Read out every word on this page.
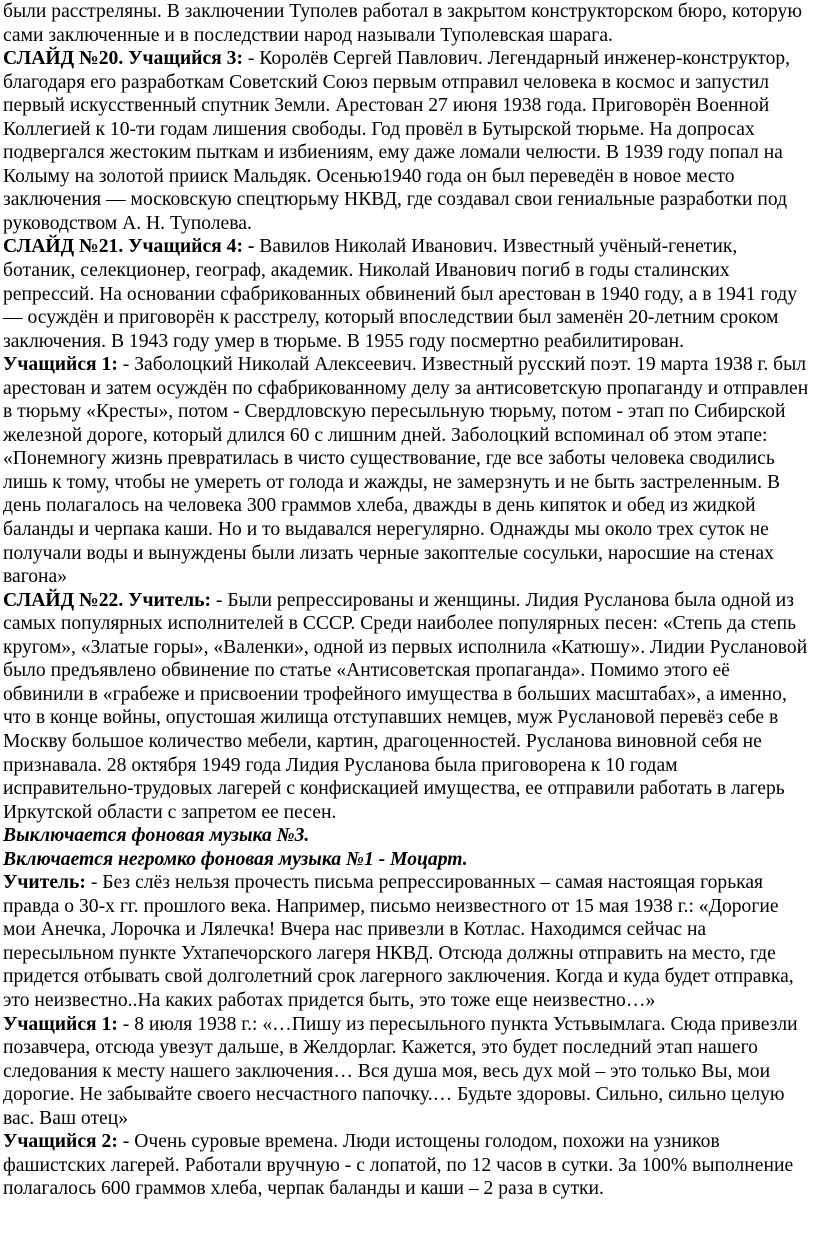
были расстреляны. В заключении Туполев работал в закрытом конструкторском бюро, которую сами заключенные и в последствии народ называли Туполевская шарага.

СЛАЙД №20. Учащийся 3: - Королёв Сергей Павлович. Легендарный инженер-конструктор, благодаря его разработкам Советский Союз первым отправил человека в космос и запустил первый искусственный спутник Земли. Арестован 27 июня 1938 года. Приговорён Военной Коллегией к 10-ти годам лишения свободы. Год провёл в Бутырской тюрьме. На допросах подвергался жестоким пыткам и избиениям, ему даже ломали челюсти. В 1939 году попал на Колыму на золотой прииск Мальдяк. Осенью1940 года он был переведён в новое место заключения — московскую спецтюрьму НКВД, где создавал свои гениальные разработки под руководством А. Н. Туполева.

СЛАЙД №21. Учащийся 4: - Вавилов Николай Иванович. Известный учёный-генетик, ботаник, селекционер, географ, академик. Николай Иванович погиб в годы сталинских репрессий. На основании сфабрикованных обвинений был арестован в 1940 году, а в 1941 году — осуждён и приговорён к расстрелу, который впоследствии был заменён 20-летним сроком заключения. В 1943 году умер в тюрьме. В 1955 году посмертно реабилитирован.

Учащийся 1: - Заболоцкий Николай Алексеевич. Известный русский поэт. 19 марта 1938 г. был арестован и затем осуждён по сфабрикованному делу за антисоветскую пропаганду и отправлен в тюрьму «Кресты», потом - Свердловскую пересыльную тюрьму, потом - этап по Сибирской железной дороге, который длился 60 с лишним дней. Заболоцкий вспоминал об этом этапе: «Понемногу жизнь превратилась в чисто существование, где все заботы человека сводились лишь к тому, чтобы не умереть от голода и жажды, не замерзнуть и не быть застреленным. В день полагалось на человека 300 граммов хлеба, дважды в день кипяток и обед из жидкой баланды и черпака каши. Но и то выдавался нерегулярно. Однажды мы около трех суток не получали воды и вынуждены были лизать черные закоптелые сосульки, наросшие на стенах вагона»

СЛАЙД №22. Учитель: - Были репрессированы и женщины. Лидия Русланова была одной из самых популярных исполнителей в СССР. Среди наиболее популярных песен: «Степь да степь кругом», «Златые горы», «Валенки», одной из первых исполнила «Катюшу». Лидии Руслановой было предъявлено обвинение по статье «Антисоветская пропаганда». Помимо этого её обвинили в «грабеже и присвоении трофейного имущества в больших масштабах», а именно, что в конце войны, опустошая жилища отступавших немцев, муж Руслановой перевёз себе в Москву большое количество мебели, картин, драгоценностей. Русланова виновной себя не признавала. 28 октября 1949 года Лидия Русланова была приговорена к 10 годам исправительно-трудовых лагерей с конфискацией имущества, ее отправили работать в лагерь Иркутской области с запретом ее песен.

Выключается фоновая музыка №3.

Включается негромко фоновая музыка №1 - Моцарт.

Учитель: - Без слёз нельзя прочесть письма репрессированных – самая настоящая горькая правда о 30-х гг. прошлого века. Например, письмо неизвестного от 15 мая 1938 г.: «Дорогие мои Анечка, Лорочка и Лялечка! Вчера нас привезли в Котлас. Находимся сейчас на пересыльном пункте Ухтапечорского лагеря НКВД. Отсюда должны отправить на место, где придется отбывать свой долголетний срок лагерного заключения. Когда и куда будет отправка, это неизвестно..На каких работах придется быть, это тоже еще неизвестно…»

Учащийся 1: - 8 июля 1938 г.: «…Пишу из пересыльного пункта Устьвымлага. Сюда привезли позавчера, отсюда увезут дальше, в Желдорлаг. Кажется, это будет последний этап нашего следования к месту нашего заключения… Вся душа моя, весь дух мой – это только Вы, мои дорогие. Не забывайте своего несчастного папочку.… Будьте здоровы. Сильно, сильно целую вас. Ваш отец»

Учащийся 2: - Очень суровые времена. Люди истощены голодом, похожи на узников фашистских лагерей. Работали вручную - с лопатой, по 12 часов в сутки. За 100% выполнение полагалось 600 граммов хлеба, черпак баланды и каши – 2 раза в сутки.
